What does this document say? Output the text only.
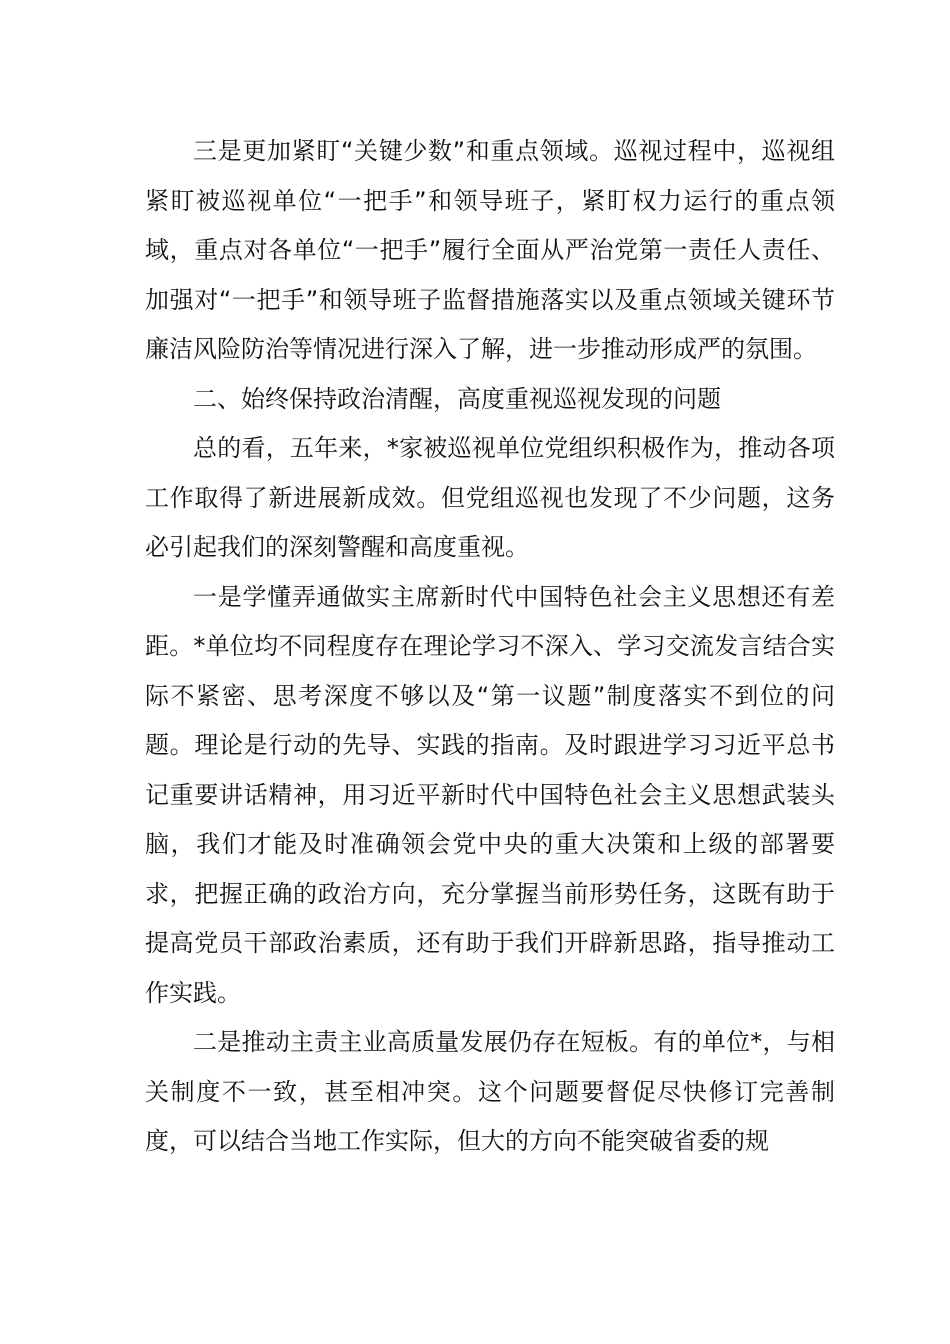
三是更加紧盯“关键少数”和重点领域。巡视过程中，巡视组紧盯被巡视单位“一把手”和领导班子，紧盯权力运行的重点领域，重点对各单位“一把手”履行全面从严治党第一责任人责任、加强对“一把手”和领导班子监督措施落实以及重点领域关键环节廉洁风险防治等情况进行深入了解，进一步推动形成严的氛围。

二、始终保持政治清醒，高度重视巡视发现的问题

总的看，五年来，*家被巡视单位党组织积极作为，推动各项工作取得了新进展新成效。但党组巡视也发现了不少问题，这务必引起我们的深刻警醒和高度重视。

一是学懂弄通做实主席新时代中国特色社会主义思想还有差距。*单位均不同程度存在理论学习不深入、学习交流发言结合实际不紧密、思考深度不够以及“第一议题”制度落实不到位的问题。理论是行动的先导、实践的指南。及时跟进学习习近平总书记重要讲话精神，用习近平新时代中国特色社会主义思想武装头脑，我们才能及时准确领会党中央的重大决策和上级的部署要求，把握正确的政治方向，充分掌握当前形势任务，这既有助于提高党员干部政治素质，还有助于我们开辟新思路，指导推动工作实践。

二是推动主责主业高质量发展仍存在短板。有的单位*，与相关制度不一致，甚至相冲突。这个问题要督促尽快修订完善制度，可以结合当地工作实际，但大的方向不能突破省委的规
